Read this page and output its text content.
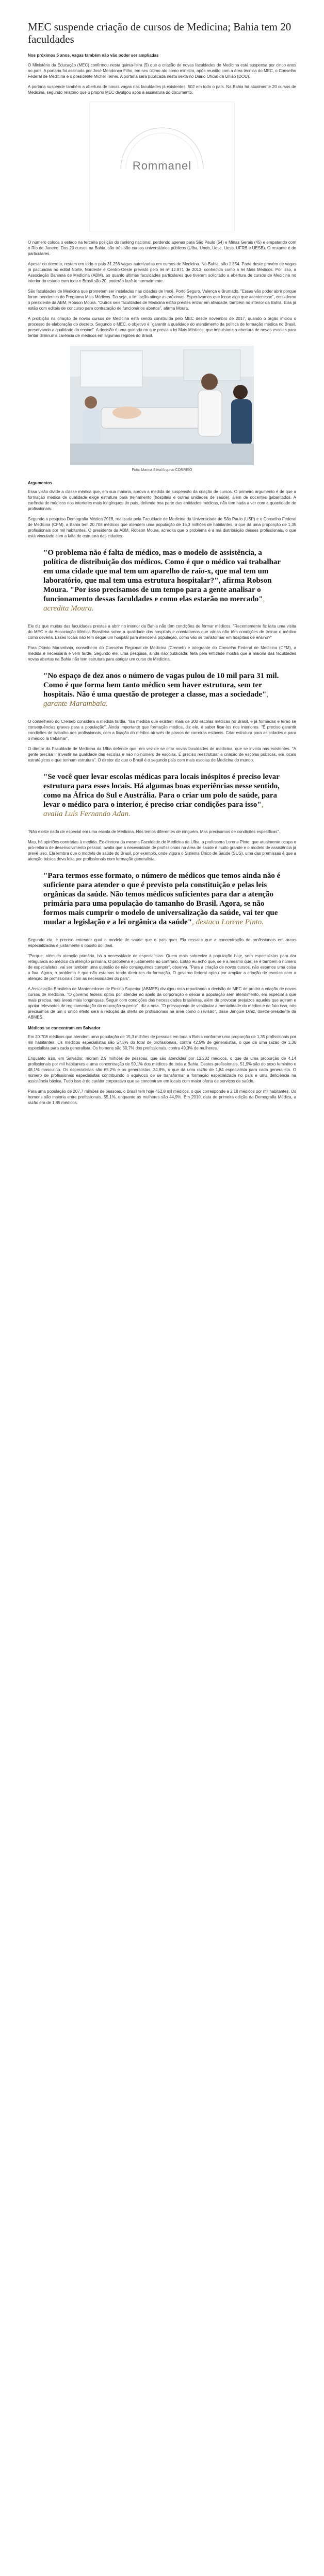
MEC suspende criação de cursos de Medicina; Bahia tem 20 faculdades
Nos próximos 5 anos, vagas também não vão poder ser ampliadas

O Ministério da Educação (MEC) confirmou nesta quinta-feira (5) que a criação de novas faculdades de Medicina está suspensa por cinco anos no país. A portaria foi assinada por José Mendonça Filho, em seu último ato como ministro, após reunião com a área técnica do MEC, o Conselho Federal de Medicina e o presidente Michel Temer. A portaria será publicada nesta sexta no Diário Oficial da União (DOU).

A portaria suspende também a abertura de novas vagas nas faculdades já existentes: 502 em todo o país. Na Bahia há atualmente 20 cursos de Medicina, segundo relatório que o próprio MEC divulgou após a assinatura do documento.

Rommanel

O número coloca o estado na terceira posição do ranking nacional, perdendo apenas para São Paulo (54) e Minas Gerais (45) e empatando com o Rio de Janeiro. Dos 20 cursos na Bahia, são três são cursos universitários públicos (Ufba, Uneb, Uesc, Uesb, UFRB e UESB). O restante é de particulares.

Apesar do decreto, restam em todo o país 31.256 vagas autorizadas em cursos de Medicina. Na Bahia, são 1.854. Parte deste provém de vagas já pactuadas no edital Norte, Nordeste e Centro-Oeste previsto pelo lei nº 12.871 de 2013, conhecida como a lei Mais Médicos. Por isso, a Associação Bahiana de Medicina (ABM), ao quanto últimas faculdades particulares que tiveram solicitado a abertura de cursos de Medicina no interior do estado com todo o Brasil são 20, poderão fazê-lo normalmente.

São faculdades de Medicina que prometem ser instaladas nas cidades de Irecê, Porto Seguro, Valença e Brumado. "Essas vão poder abrir porque foram pendentes do Programa Mais Médicos. Da seja, a limitação atinge as próximas. Esperávamos que fosse algo que acontecesse", considerou o presidente da ABM, Robson Moura. "Outros seis faculdades de Medicina estão prestes entrar em atividade, também no interior da Bahia. Elas já estão com editais de concurso para contratação de funcionários abertos", afirma Moura.

A proibição na criação de novos cursos de Medicina está sendo construída pelo MEC desde novembro de 2017, quando o órgão iniciou o processo de elaboração do decreto. Segundo o MEC, o objetivo é "garantir a qualidade do atendimento da política de formação médica no Brasil, preservando a qualidade do ensino". A decisão é uma guinada no que previa a lei Mais Médicos, que impulsiona a abertura de novas escolas para tentar diminuir a carência de médicos em algumas regiões do Brasil.

Foto: Marina Silva/Arquivo CORREIO
Argumentos

Essa visão divide a classe médica que, em sua maioria, aprova a medida de suspensão da criação de cursos. O primeiro argumento é de que a formação médica de qualidade exige estrutura para treinamento (hospitais e outras unidades de saúde), além de docentes gabaritados. A carência de médicos nos interiores mais longínquos do país, defende boa parte das entidades médicas, não tem nada a ver com a quantidade de profissionais.

Segundo a pesquisa Demografia Médica 2018, realizada pela Faculdade de Medicina da Universidade de São Paulo (USP) e o Conselho Federal de Medicina (CFM), a Bahia tem 20.708 médicos que atendem uma população de 15,3 milhões de habitantes, o que dá uma proporção de 1,35 profissionais por mil habitantes. O presidente da ABM, Robson Moura, acredita que o problema é a má distribuição desses profissionais, o que está vinculado com a falta de estrutura das cidades.

"O problema não é falta de médico, mas o modelo de assistência, a política de distribuição dos médicos. Como é que o médico vai trabalhar em uma cidade que mal tem um aparelho de raio-x, que mal tem um laboratório, que mal tem uma estrutura hospitalar?", afirma Robson Moura. "Por isso precisamos de um tempo para a gente analisar o funcionamento dessas faculdades e como elas estarão no mercado", acredita Moura.

Ele diz que muitas das faculdades prestes a abrir no interior da Bahia não têm condições de formar médicos. "Recentemente fiz falta uma visita do MEC e da Associação Médica Brasileira sobre a qualidade dos hospitais e constatamos que várias não têm condições de treinar o médico como deveria. Esses locais não têm seque um hospital para atender a população, como vão se transformar em hospitais de ensino?"

Para Otávio Marambaia, conselheiro do Conselho Regional de Medicina (Cremeb) e integrante do Conselho Federal de Medicina (CFM), a medida é necessária e vem tarde. Segundo ele, uma pesquisa, ainda não publicada, feita pela entidade mostra que a maioria das faculdades novas abertas na Bahia não tem estrutura para abrigar um curso de Medicina.

"No espaço de dez anos o número de vagas pulou de 10 mil para 31 mil. Como é que forma bem tanto médico sem haver estrutura, sem ter hospitais. Não é uma questão de proteger a classe, mas a sociedade", garante Marambaia.

O conselheiro do Cremeb considera a medida tardia. "Isa medida que existem mais de 300 escolas médicas no Brasil, e já formadas e terão se consequências graves para a população". Ainda importante que formação médica, diz ele, é saber fixar-los nos interiores. "É preciso garantir condições de trabalho aos profissionais, com a fixação do médico através de planos de carreiras estáveis. Criar estrutura para as cidades e para o médico lá trabalhar".

O diretor da Faculdade de Medicina da Ufba defende que, em vez de se criar novas faculdades de medicina, que se invista nas existentes. "A gente precisa ir investir na qualidade das escolas e não no número de escolas. É preciso reestruturar a criação de escolas públicas, em locais estratégicos e que tenham estrutura". O diretor diz que o Brasil é o segundo país com mais escolas de Medicina do mundo.

"Se você quer levar escolas médicas para locais inóspitos é preciso levar estrutura para esses locais. Há algumas boas experiências nesse sentido, como na África do Sul e Austrália. Para o criar um polo de saúde, para levar o médico para o interior, é preciso criar condições para isso", avalia Luís Fernando Adan.

"Não existe nada de especial em uma escola de Medicina. Nós temos diferentes de ninguém. Mas precisamos de condições específicas".

Mas, há opiniões contrárias à medida. Ex-diretora da mesma Faculdade de Medicina da Ufba, a professora Lorene Pinto, que atualmente ocupa o pró-reitoria de desenvolvimento pessoal, avalia que a necessidade de profissionais na área de saúde é muito grande e o modelo de assistência já prevê isso. Ela lembra que o modelo de saúde do Brasil, por exemplo, onde vigora o Sistema Único de Saúde (SUS), uma das premissas é que a atenção básica deva feita por profissionais com formação generalista.

"Para termos esse formato, o número de médicos que temos ainda não é suficiente para atender o que é previsto pela constituição e pelas leis orgânicas da saúde. Não temos médicos suficientes para dar a atenção primária para uma população do tamanho do Brasil. Agora, se não formos mais cumprir o modelo de universalização da saúde, vai ter que mudar a legislação e a lei orgânica da saúde", destaca Lorene Pinto.

Segundo ela, é preciso entender qual o modelo de saúde que o país quer. Ela ressalta que a concentração de profissionais em áreas especializadas é justamente o oposto do ideal.

"Porque, além da atenção primária, há a necessidade de especialistas. Quem mais sobrevive à população hoje, sem especialistas para dar retaguarda ao médico da atenção primária. O problema é justamente ao contrário. Então eu acho que, se é a mesmo que, se é também o número de especialistas, vai ser também uma questão de não conseguimos cumprir", observa. "Para a criação de novos cursos, não estamos uma coisa a fixa. Agora, o problema é que não estamos tendo diretrizes da formação. O governo federal optou por ampliar a criação de escolas com a atenção de profissionais com as necessidades do país".

A Associação Brasileira de Mantenedoras de Ensino Superior (ABMES) divulgou nota repudiando a decisão do MEC de proibir a criação de novos cursos de medicina. "O governo federal optou por atender ao apelo da corporação e deixar a população sem atendimento, em especial a que mais precisa, nas áreas mais longínquas. Seguir com condições das necessidades brasileiras, além de provocar prejuízos aqueles que agiram e apoiar relevantes de regulamentação da educação superior", diz a nota. "O pressuposto de vestibular a mentalidade do médico é de fato isso, nós precisamos de um o único efeito será a redução da oferta de profissionais na área como o revisão", disse Janguiê Diniz, diretor-presidente da ABMES.

Médicos se concentram em Salvador

Em 20.708 médicos que atendem uma população de 15,3 milhões de pessoas em toda a Bahia conforme uma proporção de 1,35 profissionais por mil habitantes. Os médicos especialistas são 57,5% do total de profissionais, contra 42,5% de generalistas, o que dá uma razão de 1,36 especialista para cada generalista. Os homens são 50,7% dos profissionais, contra 49,3% de mulheres.

Enquanto isso, em Salvador, moram 2,9 milhões de pessoas, que são atendidas por 12.232 médicos, o que dá uma proporção de 4,14 profissionais por mil habitantes e uma concentração de 59,1% dos médicos de toda a Bahia. Destes profissionais, 51,9% são do sexo feminino e 48,1% masculino. Os especialistas são 65,2% e os generalistas, 34,8%, o que dá uma razão de 1,84 especialista para cada generalista. O número de profissionais especialistas contribuindo o equívoco de se transformar a formação especializada no país e uma deficiência na assistência básica. Tudo isso é de caráter corporativo que se concentram em locais com maior oferta de serviços de saúde.

Para uma população de 207,7 milhões de pessoas, o Brasil tem hoje 452,8 mil médicos, o que corresponde a 2,18 médicos por mil habitantes. Os homens são maioria entre profissionais, 55,1%, enquanto as mulheres são 44,9%. Em 2010, data de primeira edição da Demografia Médica, a razão era de 1,85 médicos.
